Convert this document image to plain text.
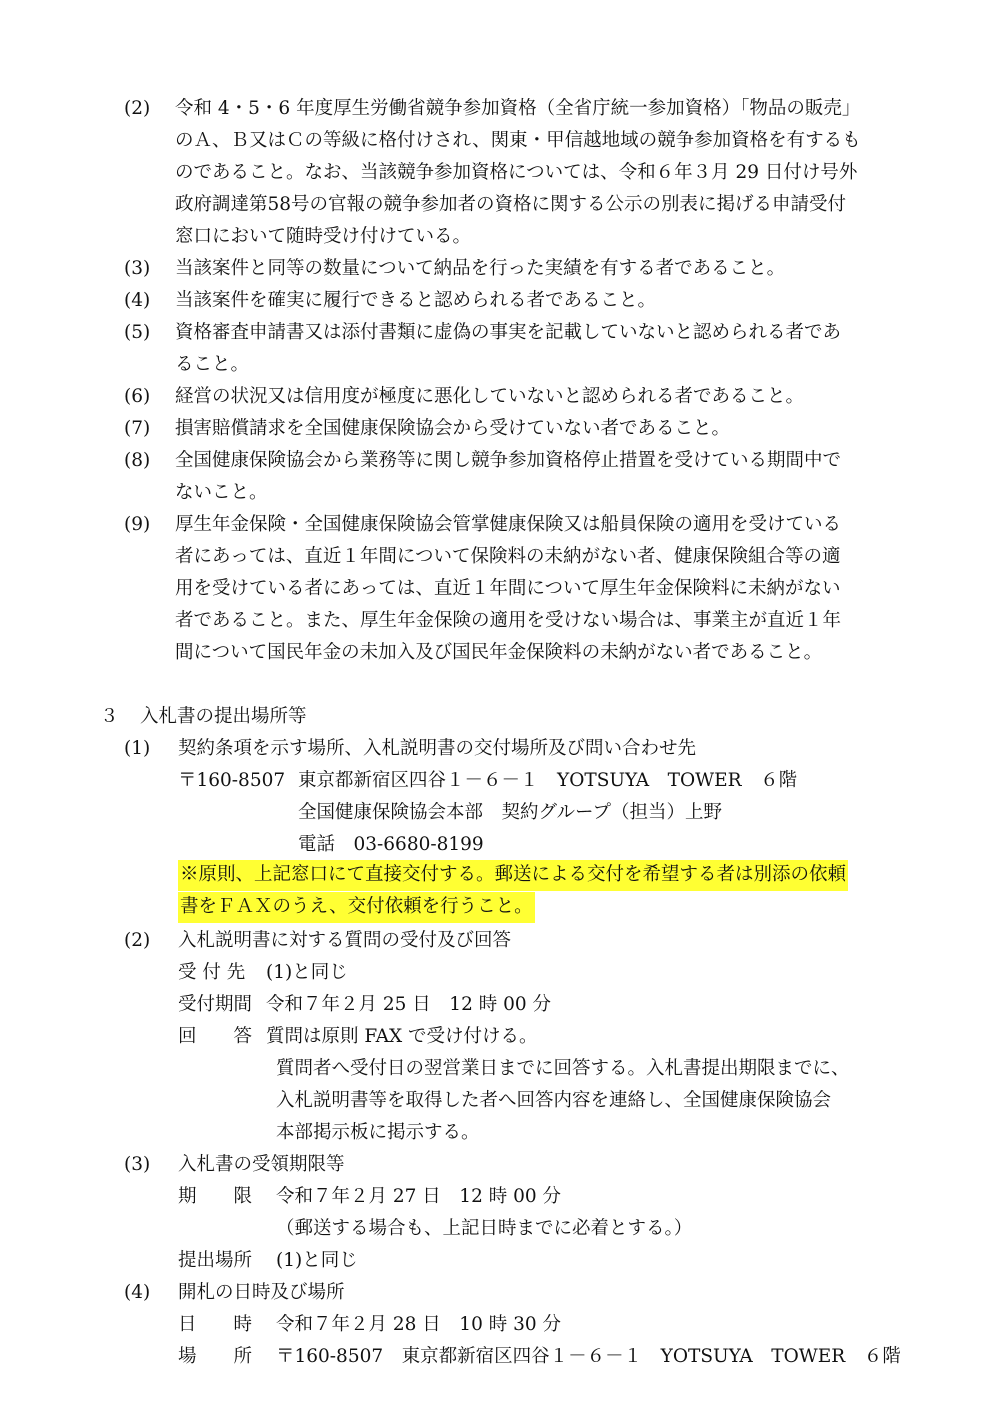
(2) 令和 4・5・6 年度厚生労働省競争参加資格（全省庁統一参加資格）「物品の販売」
のＡ、Ｂ又はＣの等級に格付けされ、関東・甲信越地域の競争参加資格を有するも
のであること。なお、当該競争参加資格については、令和６年３月 29 日付け号外
政府調達第58号の官報の競争参加者の資格に関する公示の別表に掲げる申請受付
窓口において随時受け付けている。
(3) 当該案件と同等の数量について納品を行った実績を有する者であること。
(4) 当該案件を確実に履行できると認められる者であること。
(5) 資格審査申請書又は添付書類に虚偽の事実を記載していないと認められる者であ
ること。
(6) 経営の状況又は信用度が極度に悪化していないと認められる者であること。
(7) 損害賠償請求を全国健康保険協会から受けていない者であること。
(8) 全国健康保険協会から業務等に関し競争参加資格停止措置を受けている期間中で
ないこと。
(9) 厚生年金保険・全国健康保険協会管掌健康保険又は船員保険の適用を受けている
者にあっては、直近１年間について保険料の未納がない者、健康保険組合等の適
用を受けている者にあっては、直近１年間について厚生年金保険料に未納がない
者であること。また、厚生年金保険の適用を受けない場合は、事業主が直近１年
間について国民年金の未加入及び国民年金保険料の未納がない者であること。
３ 入札書の提出場所等
(1) 契約条項を示す場所、入札説明書の交付場所及び問い合わせ先
〒160-8507 東京都新宿区四谷１－６－１　YOTSUYA　TOWER　６階
全国健康保険協会本部　契約グループ（担当）上野
電話　03-6680-8199
※原則、上記窓口にて直接交付する。郵送による交付を希望する者は別添の依頼
書をＦＡＸのうえ、交付依頼を行うこと。
(2) 入札説明書に対する質問の受付及び回答
受 付 先 (1)と同じ
受付期間 令和７年２月 25 日　12 時 00 分
回　　答 質問は原則 FAX で受け付ける。
質問者へ受付日の翌営業日までに回答する。入札書提出期限までに、
入札説明書等を取得した者へ回答内容を連絡し、全国健康保険協会
本部掲示板に掲示する。
(3) 入札書の受領期限等
期　　限 令和７年２月 27 日　12 時 00 分
（郵送する場合も、上記日時までに必着とする。）
提出場所 (1)と同じ
(4) 開札の日時及び場所
日　　時 令和７年２月 28 日　10 時 30 分
場　　所 〒160-8507　東京都新宿区四谷１－６－１　YOTSUYA　TOWER　６階
